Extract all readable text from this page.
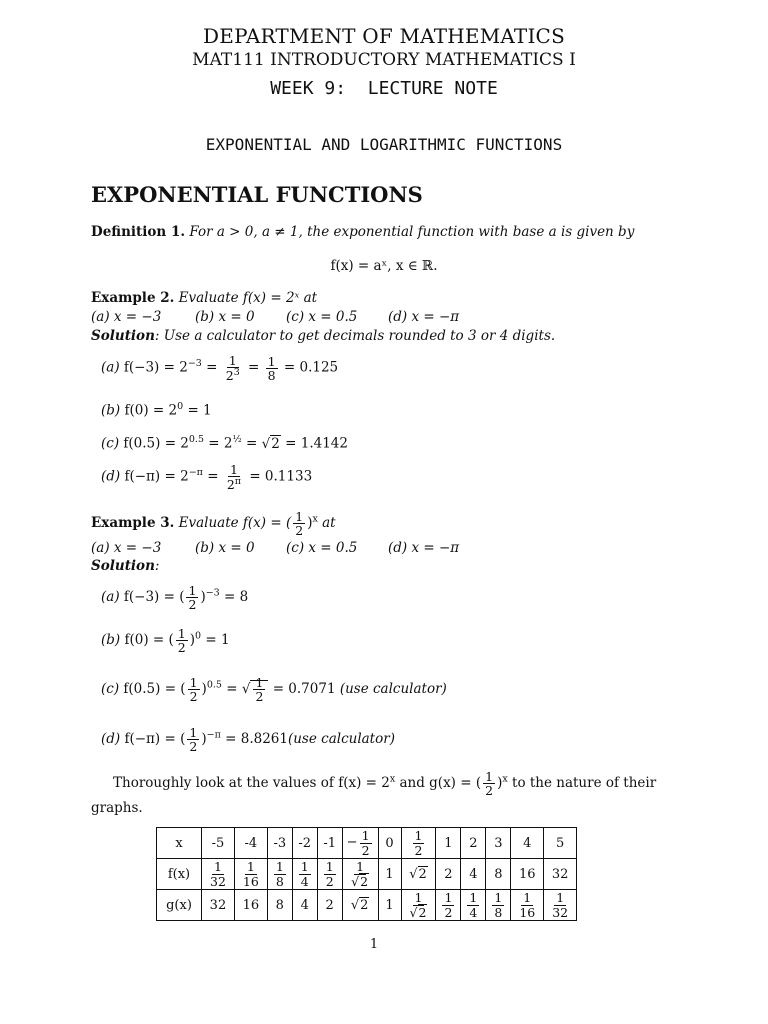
DEPARTMENT OF MATHEMATICS
MAT111 INTRODUCTORY MATHEMATICS I
WEEK 9:  LECTURE NOTE
EXPONENTIAL AND LOGARITHMIC FUNCTIONS
EXPONENTIAL FUNCTIONS
Definition 1. For a > 0, a ≠ 1, the exponential function with base a is given by
f(x) = aˣ, x ∈ ℝ.
Example 2. Evaluate f(x) = 2ˣ at
(a) x = −3 (b) x = 0 (c) x = 0.5 (d) x = −π
Solution: Use a calculator to get decimals rounded to 3 or 4 digits.
(a) $f(-3) = 2^{-3} = \frac{1}{2^3} = \frac{1}{8} = 0.125$
(b) $f(0) = 2^0 = 1$
(c) $f(0.5) = 2^{0.5} = 2^{\frac{1}{2}} = √2 = 1.4142$
(d) $f(-\pi) = 2^{-\pi} = \frac{1}{2^\pi} = 0.1133$
Example 3. Evaluate f(x) = ( $\frac{1}{2} )^x$ at
(a) x = −3 (b) x = 0 (c) x = 0.5 (d) x = −π
Solution:
(a) f(−3) = ( $\frac{1}{2} )^{-3} = 8$
(b) f(0) = ( $\frac{1}{2} )^0 = 1$
(c) f(0.5) = ( $\frac{1}{2} )^{0.5}$ = √ $\frac{1}{2} = 0.7071$ (use calculator)
(d) f(−π) = ( $\frac{1}{2} )^{-\pi} = 8.8261(use$ calculator)
Thoroughly look at the values of $f(x) = 2^x$ and g(x) = ( $\frac{1}{2} )^x$ to the nature of their
graphs.
x	-5	-4	-3	-2	-1	− $\frac{1}{2}$	0	$\frac{1}{2}$	1	2	3	4	5
f(x)	$\frac{1}{32}$	$\frac{1}{16}$	$\frac{1}{8}$	$\frac{1}{4}$	$\frac{1}{2}$	$\frac{1}{√2}$	1	√2	2	4	8	16	32
g(x)	32	16	8	4	2	√2	1	$\frac{1}{√2}$	$\frac{1}{2}$	$\frac{1}{4}$	$\frac{1}{8}$	$\frac{1}{16}$	$\frac{1}{32}$
1
